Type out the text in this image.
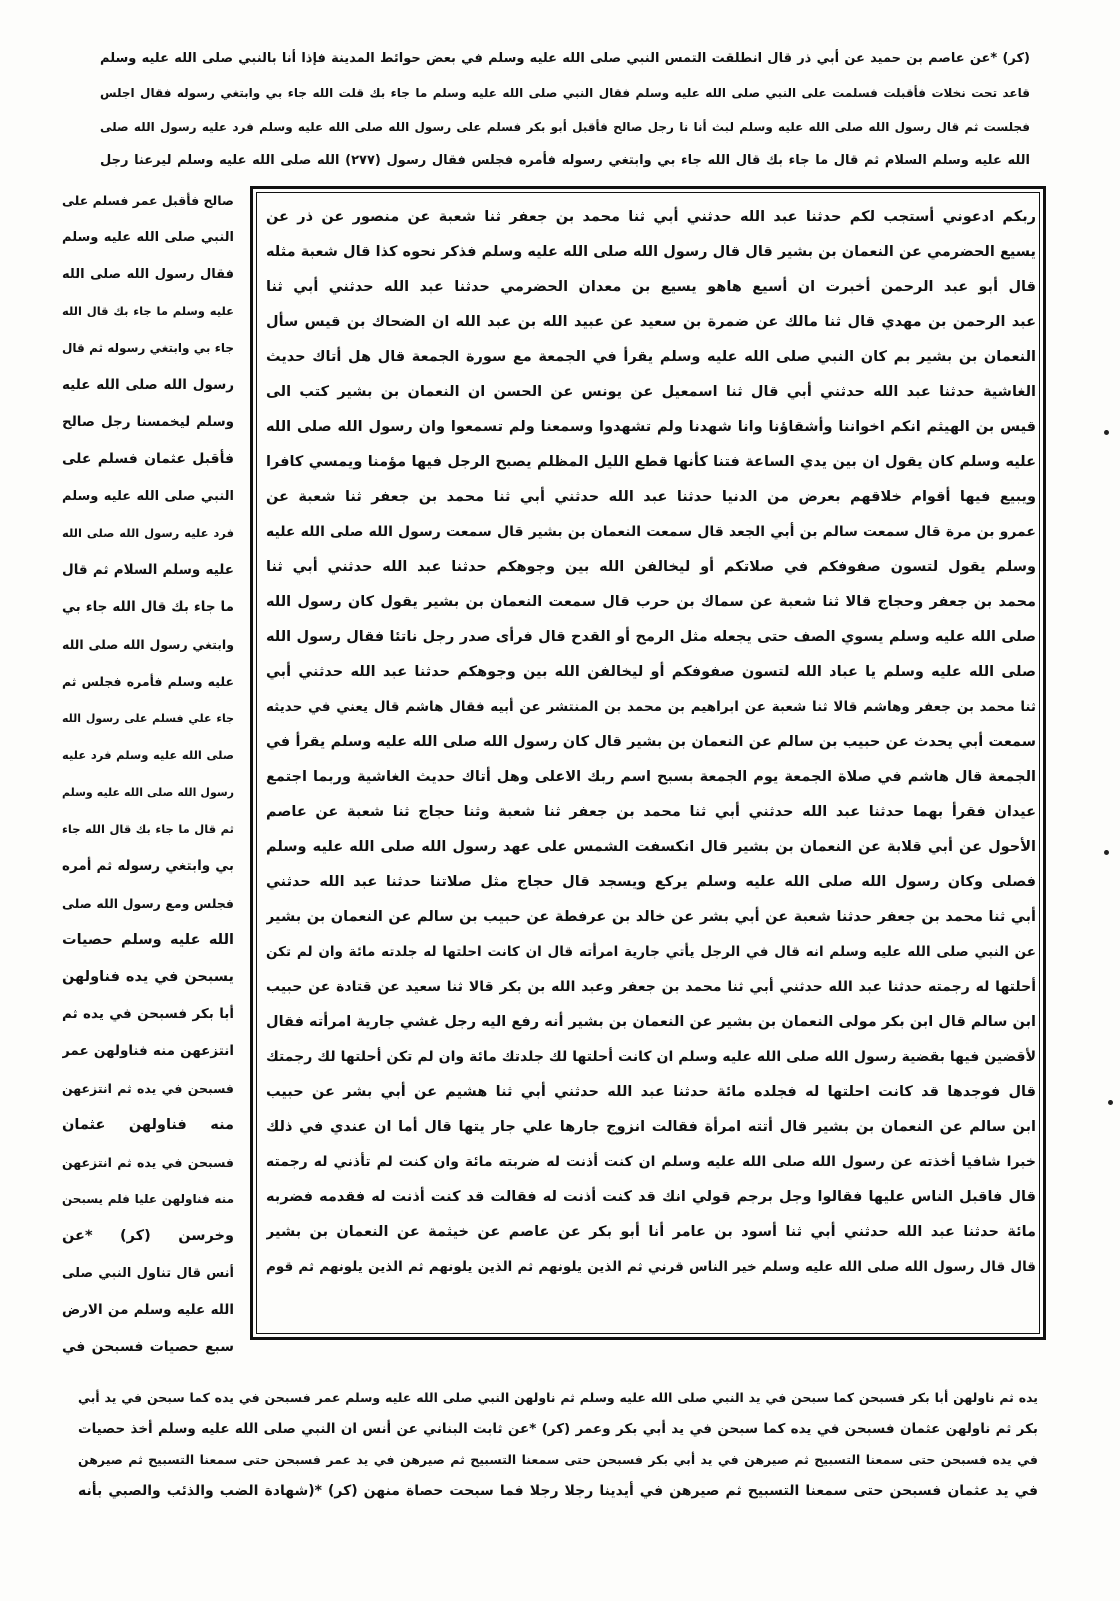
(كر) *عن عاصم بن حميد عن أبي ذر قال انطلقت التمس النبي صلى الله عليه وسلم في بعض حوائط المدينة فإذا أنا بالنبي صلى الله عليه وسلم
قاعد تحت نخلات فأقبلت فسلمت على النبي صلى الله عليه وسلم فقال النبي صلى الله عليه وسلم ما جاء بك قلت الله جاء بي وابتغي رسوله فقال اجلس
فجلست ثم قال رسول الله صلى الله عليه وسلم لبث أنا نا رجل صالح فأقبل أبو بكر فسلم على رسول الله صلى الله عليه وسلم فرد عليه رسول الله صلى
الله عليه وسلم السلام ثم قال ما جاء بك قال الله جاء بي وابتغي رسوله فأمره فجلس فقال رسول (٢٧٧) الله صلى الله عليه وسلم ليرعنا رجل
ربكم ادعوني أستجب لكم حدثنا عبد الله حدثني أبي ثنا محمد بن جعفر ثنا شعبة عن منصور عن ذر عن
يسيع الحضرمي عن النعمان بن بشير قال قال رسول الله صلى الله عليه وسلم فذكر نحوه كذا قال شعبة مثله
قال أبو عبد الرحمن أخبرت ان أسيع هاهو يسيع بن معدان الحضرمي حدثنا عبد الله حدثني أبي ثنا
عبد الرحمن بن مهدي قال ثنا مالك عن ضمرة بن سعيد عن عبيد الله بن عبد الله ان الضحاك بن قيس سأل
النعمان بن بشير بم كان النبي صلى الله عليه وسلم يقرأ في الجمعة مع سورة الجمعة قال هل أتاك حديث
الغاشية حدثنا عبد الله حدثني أبي قال ثنا اسمعيل عن يونس عن الحسن ان النعمان بن بشير كتب الى
قيس بن الهيثم انكم اخواننا وأشقاؤنا وانا شهدنا ولم تشهدوا وسمعنا ولم تسمعوا وان رسول الله صلى الله
عليه وسلم كان يقول ان بين يدي الساعة فتنا كأنها قطع الليل المظلم يصبح الرجل فيها مؤمنا ويمسي كافرا
ويبيع فيها أقوام خلاقهم بعرض من الدنيا حدثنا عبد الله حدثني أبي ثنا محمد بن جعفر ثنا شعبة عن
عمرو بن مرة قال سمعت سالم بن أبي الجعد قال سمعت النعمان بن بشير قال سمعت رسول الله صلى الله عليه
وسلم يقول لتسون صفوفكم في صلاتكم أو ليخالفن الله بين وجوهكم حدثنا عبد الله حدثني أبي ثنا
محمد بن جعفر وحجاج قالا ثنا شعبة عن سماك بن حرب قال سمعت النعمان بن بشير يقول كان رسول الله
صلى الله عليه وسلم يسوي الصف حتى يجعله مثل الرمح أو القدح قال فرأى صدر رجل ناتئا فقال رسول الله
صلى الله عليه وسلم يا عباد الله لتسون صفوفكم أو ليخالفن الله بين وجوهكم حدثنا عبد الله حدثني أبي
ثنا محمد بن جعفر وهاشم قالا ثنا شعبة عن ابراهيم بن محمد بن المنتشر عن أبيه فقال هاشم قال يعني في حديثه
سمعت أبي يحدث عن حبيب بن سالم عن النعمان بن بشير قال كان رسول الله صلى الله عليه وسلم يقرأ في
الجمعة قال هاشم في صلاة الجمعة يوم الجمعة بسبح اسم ربك الاعلى وهل أتاك حديث الغاشية وربما اجتمع
عيدان فقرأ بهما حدثنا عبد الله حدثني أبي ثنا محمد بن جعفر ثنا شعبة وثنا حجاج ثنا شعبة عن عاصم
الأحول عن أبي قلابة عن النعمان بن بشير قال انكسفت الشمس على عهد رسول الله صلى الله عليه وسلم
فصلى وكان رسول الله صلى الله عليه وسلم يركع ويسجد قال حجاج مثل صلاتنا حدثنا عبد الله حدثني
أبي ثنا محمد بن جعفر حدثنا شعبة عن أبي بشر عن خالد بن عرفطة عن حبيب بن سالم عن النعمان بن بشير
عن النبي صلى الله عليه وسلم انه قال في الرجل يأتي جارية امرأته قال ان كانت احلتها له جلدته مائة وان لم تكن
أحلتها له رجمته حدثنا عبد الله حدثني أبي ثنا محمد بن جعفر وعبد الله بن بكر قالا ثنا سعيد عن قتادة عن حبيب
ابن سالم قال ابن بكر مولى النعمان بن بشير عن النعمان بن بشير أنه رفع اليه رجل غشي جارية امرأته فقال
لأقضين فيها بقضية رسول الله صلى الله عليه وسلم ان كانت أحلتها لك جلدتك مائة وان لم تكن أحلتها لك رجمتك
قال فوجدها قد كانت احلتها له فجلده مائة حدثنا عبد الله حدثني أبي ثنا هشيم عن أبي بشر عن حبيب
ابن سالم عن النعمان بن بشير قال أتته امرأة فقالت انزوج جارها علي جار يتها قال أما ان عندي في ذلك
خبرا شافيا أخذته عن رسول الله صلى الله عليه وسلم ان كنت أذنت له ضربته مائة وان كنت لم تأذني له رجمته
قال فاقبل الناس عليها فقالوا وجل برجم قولي انك قد كنت أذنت له فقالت قد كنت أذنت له فقدمه فضربه
مائة حدثنا عبد الله حدثني أبي ثنا أسود بن عامر أنا أبو بكر عن عاصم عن خيثمة عن النعمان بن بشير
قال قال رسول الله صلى الله عليه وسلم خير الناس قرني ثم الذين يلونهم ثم الذين يلونهم ثم الذين يلونهم ثم قوم
صالح فأقبل عمر فسلم على
النبي صلى الله عليه وسلم
فقال رسول الله صلى الله
عليه وسلم ما جاء بك قال الله
جاء بي وابتغي رسوله ثم قال
رسول الله صلى الله عليه
وسلم ليخمسنا رجل صالح
فأقبل عثمان فسلم على
النبي صلى الله عليه وسلم
فرد عليه رسول الله صلى الله
عليه وسلم السلام ثم قال
ما جاء بك قال الله جاء بي
وابتغي رسول الله صلى الله
عليه وسلم فأمره فجلس ثم
جاء علي فسلم على رسول الله
صلى الله عليه وسلم فرد عليه
رسول الله صلى الله عليه وسلم
ثم قال ما جاء بك قال الله جاء
بي وابتغي رسوله ثم أمره
فجلس ومع رسول الله صلى
الله عليه وسلم حصيات
يسبحن في يده فناولهن
أبا بكر فسبحن في يده ثم
انتزعهن منه فناولهن عمر
فسبحن في يده ثم انتزعهن
منه فناولهن عثمان
فسبحن في يده ثم انتزعهن
منه فناولهن عليا فلم يسبحن
وخرسن (كر) *عن
أنس قال تناول النبي صلى
الله عليه وسلم من الارض
سبع حصيات فسبحن في
يده ثم ناولهن أبا بكر فسبحن كما سبحن في يد النبي صلى الله عليه وسلم ثم ناولهن النبي صلى الله عليه وسلم عمر فسبحن في يده كما سبحن في يد أبي
بكر ثم ناولهن عثمان فسبحن في يده كما سبحن في يد أبي بكر وعمر (كر) *عن ثابت البناني عن أنس ان النبي صلى الله عليه وسلم أخذ حصيات
في يده فسبحن حتى سمعنا التسبيح ثم صيرهن في يد أبي بكر فسبحن حتى سمعنا التسبيح ثم صيرهن في يد عمر فسبحن حتى سمعنا التسبيح ثم صيرهن
في يد عثمان فسبحن حتى سمعنا التسبيح ثم صيرهن في أيدينا رجلا رجلا فما سبحت حصاة منهن (كر) *(شهادة الضب والذئب والصبي بأنه
